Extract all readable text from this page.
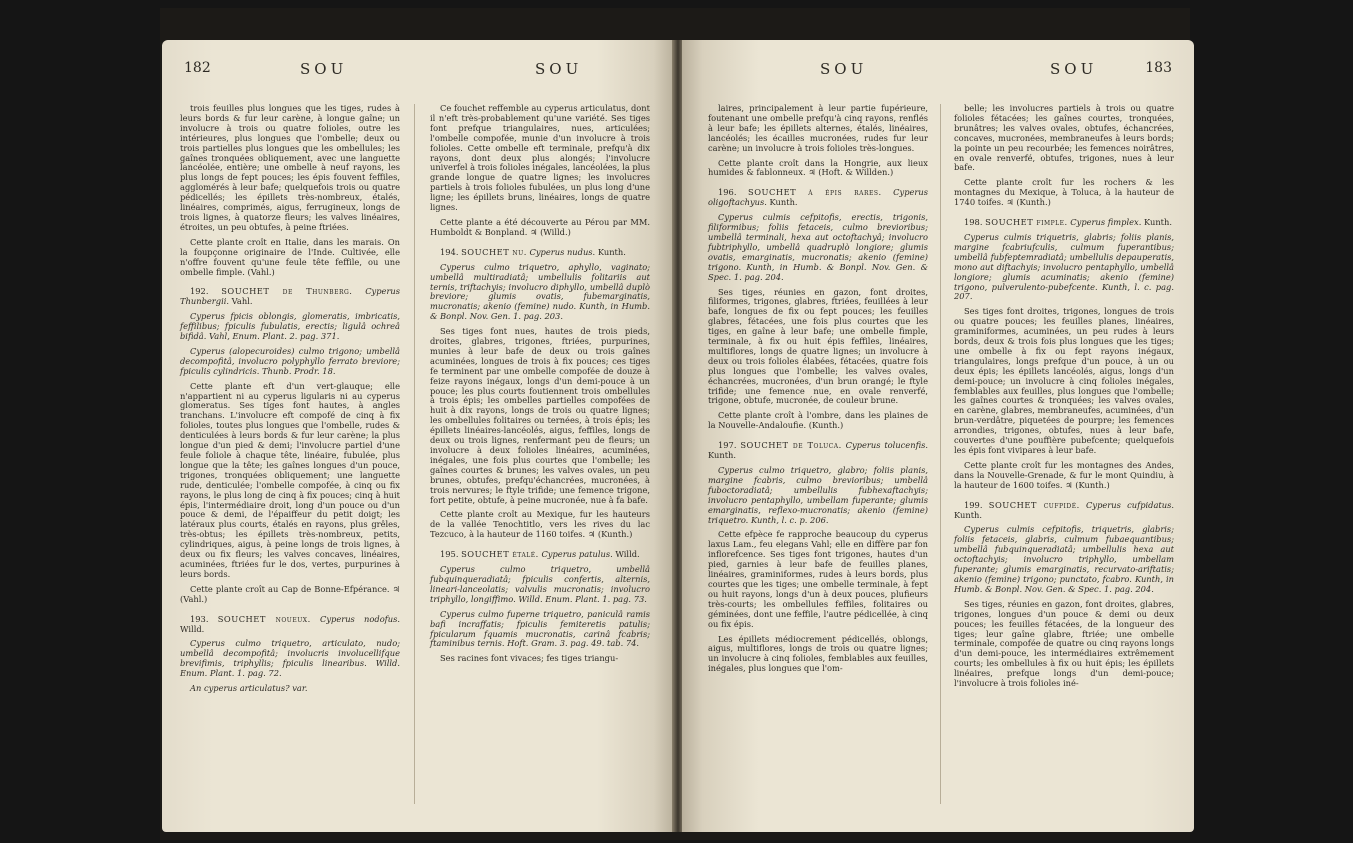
182	SOU	SOU

trois feuilles plus longues que les tiges, rudes à leurs bords & fur leur carène, à longue gaîne; un involucre à trois ou quatre folioles, outre les intérieures, plus longues que l'ombelle; deux ou trois partielles plus longues que les ombellules; les gaînes tronquées obliquement, avec une languette lancéolée, entière; une ombelle à neuf rayons, les plus longs de fept pouces; les épis fouvent feffiles, agglomérés à leur bafe; quelquefois trois ou quatre pédicellés; les épillets très-nombreux, étalés, linéaires, comprimés, aigus, ferrugineux, longs de trois lignes, à quatorze fleurs; les valves linéaires, étroites, un peu obtufes, à peine ftriées.

Cette plante croît en Italie, dans les marais. On la foupçonne originaire de l'Inde. Cultivée, elle n'offre fouvent qu'une feule tête feffile, ou une ombelle fimple. (Vahl.)

192. SOUCHET de Thunberg. Cyperus Thunbergii. Vahl.

Cyperus fpicis oblongis, glomeratis, imbricatis, feffilibus; fpiculis fubulatis, erectis; ligulâ ochreâ bifidâ. Vahl, Enum. Plant. 2. pag. 371.

Cyperus (alopecuroides) culmo trigono; umbellâ decompofitâ, involucro polyphyllo ferrato breviore; fpiculis cylindricis. Thunb. Prodr. 18.

Cette plante eft d'un vert-glauque; elle n'appartient ni au cyperus ligularis ni au cyperus glomeratus. Ses tiges font hautes, à angles tranchans. L'involucre eft compofé de cinq à fix folioles, toutes plus longues que l'ombelle, rudes & denticulées à leurs bords & fur leur carène; la plus longue d'un pied & demi; l'involucre partiel d'une feule foliole à chaque tête, linéaire, fubulée, plus longue que la tête; les gaînes longues d'un pouce, trigones, tronquées obliquement; une languette rude, denticulée; l'ombelle compofée, à cinq ou fix rayons, le plus long de cinq à fix pouces; cinq à huit épis, l'intermédiaire droit, long d'un pouce ou d'un pouce & demi, de l'épaiffeur du petit doigt; les latéraux plus courts, étalés en rayons, plus grêles, très-obtus; les épillets très-nombreux, petits, cylindriques, aigus, à peine longs de trois lignes, à deux ou fix fleurs; les valves concaves, linéaires, acuminées, ftriées fur le dos, vertes, purpurines à leurs bords.

Cette plante croît au Cap de Bonne-Efpérance. ♃ (Vahl.)

193. SOUCHET noueux. Cyperus nodofus. Willd.

Cyperus culmo triquetro, articulato, nudo; umbellâ decompofitâ; involucris involucellifque brevifimis, triphyllis; fpiculis linearibus. Willd. Enum. Plant. 1. pag. 72.

An cyperus articulatus? var.

Ce fouchet reffemble au cyperus articulatus, dont il n'eft très-probablement qu'une variété. Ses tiges font prefque triangulaires, nues, articulées; l'ombelle compofée, munie d'un involucre à trois folioles. Cette ombelle eft terminale, prefqu'à dix rayons, dont deux plus alongés; l'involucre univerfel à trois folioles inégales, lancéolées, la plus grande longue de quatre lignes; les involucres partiels à trois folioles fubulées, un plus long d'une ligne; les épillets bruns, linéaires, longs de quatre lignes.

Cette plante a été découverte au Pérou par MM. Humboldt & Bonpland. ♃ (Willd.)

194. SOUCHET nu. Cyperus nudus. Kunth.

Cyperus culmo triquetro, aphyllo, vaginato; umbellâ multiradiatâ; umbellulis folitariis aut ternis, triftachyis; involucro diphyllo, umbellâ duplò breviore; glumis ovatis, fubemarginatis, mucronatis; akenio (femine) nudo. Kunth, in Humb. & Bonpl. Nov. Gen. 1. pag. 203.

Ses tiges font nues, hautes de trois pieds, droites, glabres, trigones, ftriées, purpurines, munies à leur bafe de deux ou trois gaînes acuminées, longues de trois à fix pouces; ces tiges fe terminent par une ombelle compofée de douze à feize rayons inégaux, longs d'un demi-pouce à un pouce; les plus courts foutiennent trois ombellules à trois épis; les ombelles partielles compofées de huit à dix rayons, longs de trois ou quatre lignes; les ombellules folitaires ou ternées, à trois épis; les épillets linéaires-lancéolés, aigus, feffiles, longs de deux ou trois lignes, renfermant peu de fleurs; un involucre à deux folioles linéaires, acuminées, inégales, une fois plus courtes que l'ombelle; les gaînes courtes & brunes; les valves ovales, un peu brunes, obtufes, prefqu'échancrées, mucronées, à trois nervures; le ftyle trifide; une femence trigone, fort petite, obtufe, à peine mucronée, nue à fa bafe.

Cette plante croît au Mexique, fur les hauteurs de la vallée Tenochtitlo, vers les rives du lac Tezcuco, à la hauteur de 1160 toifes. ♃ (Kunth.)

195. SOUCHET étalé. Cyperus patulus. Willd.

Cyperus culmo triquetro, umbellâ fubquinqueradiatâ; fpiculis confertis, alternis, lineari-lanceolatis; valvulis mucronatis; involucro triphyllo, longiffimo. Willd. Enum. Plant. 1. pag. 73.

Cyperus culmo fuperne triquetro, paniculâ ramis bafi incraffatis; fpiculis femiteretis patulis; fpicularum fquamis mucronatis, carinâ fcabris; ftaminibus ternis. Hoft. Gram. 3. pag. 49. tab. 74.

Ses racines font vivaces; fes tiges triangu-

SOU	SOU	183

laires, principalement à leur partie fupérieure, foutenant une ombelle prefqu'à cinq rayons, renflés à leur bafe; les épillets alternes, étalés, linéaires, lancéolés; les écailles mucronées, rudes fur leur carène; un involucre à trois folioles très-longues.

Cette plante croît dans la Hongrie, aux lieux humides & fablonneux. ♃ (Hoft. & Willden.)

196. SOUCHET à épis rares. Cyperus oligoftachyus. Kunth.

Cyperus culmis cefpitofis, erectis, trigonis, filiformibus; foliis fetaceis, culmo brevioribus; umbellâ terminali, hexa aut octoftachyâ; involucro fubtriphyllo, umbellâ quadruplò longiore; glumis ovatis, emarginatis, mucronatis; akenio (femine) trigono. Kunth, in Humb. & Bonpl. Nov. Gen. & Spec. 1. pag. 204.

Ses tiges, réunies en gazon, font droites, filiformes, trigones, glabres, ftriées, feuillées à leur bafe, longues de fix ou fept pouces; les feuilles glabres, fétacées, une fois plus courtes que les tiges, en gaîne à leur bafe; une ombelle fimple, terminale, à fix ou huit épis feffiles, linéaires, multiflores, longs de quatre lignes; un involucre à deux ou trois folioles élabées, fétacées, quatre fois plus longues que l'ombelle; les valves ovales, échancrées, mucronées, d'un brun orangé; le ftyle trifide; une femence nue, en ovale renverfé, trigone, obtufe, mucronée, de couleur brune.

Cette plante croît à l'ombre, dans les plaines de la Nouvelle-Andaloufie. (Kunth.)

197. SOUCHET de Toluca. Cyperus tolucenfis. Kunth.

Cyperus culmo triquetro, glabro; foliis planis, margine fcabris, culmo brevioribus; umbellâ fuboctoradiatâ; umbellulis fubhexaftachyis; involucro pentaphyllo, umbellam fuperante; glumis emarginatis, reflexo-mucronatis; akenio (femine) triquetro. Kunth, l. c. p. 206.

Cette efpèce fe rapproche beaucoup du cyperus laxus Lam., feu elegans Vahl; elle en diffère par fon inflorefcence. Ses tiges font trigones, hautes d'un pied, garnies à leur bafe de feuilles planes, linéaires, graminiformes, rudes à leurs bords, plus courtes que les tiges; une ombelle terminale, à fept ou huit rayons, longs d'un à deux pouces, plufieurs très-courts; les ombellules feffiles, folitaires ou géminées, dont une feffile, l'autre pédicellée, à cinq ou fix épis.

Les épillets médiocrement pédicellés, oblongs, aigus, multiflores, longs de trois ou quatre lignes; un involucre à cinq folioles, femblables aux feuilles, inégales, plus longues que l'om-

belle; les involucres partiels à trois ou quatre folioles fétacées; les gaînes courtes, tronquées, brunâtres; les valves ovales, obtufes, échancrées, concaves, mucronées, membraneufes à leurs bords; la pointe un peu recourbée; les femences noirâtres, en ovale renverfé, obtufes, trigones, nues à leur bafe.

Cette plante croît fur les rochers & les montagnes du Mexique, à Toluca, à la hauteur de 1740 toifes. ♃ (Kunth.)

198. SOUCHET fimple. Cyperus fimplex. Kunth.

Cyperus culmis triquetris, glabris; foliis planis, margine fcabriufculis, culmum fuperantibus; umbellâ fubfeptemradiatâ; umbellulis depauperatis, mono aut diftachyis; involucro pentaphyllo, umbellâ longiore; glumis acuminatis; akenio (femine) trigono, pulverulento-pubefcente. Kunth, l. c. pag. 207.

Ses tiges font droites, trigones, longues de trois ou quatre pouces; les feuilles planes, linéaires, graminiformes, acuminées, un peu rudes à leurs bords, deux & trois fois plus longues que les tiges; une ombelle à fix ou fept rayons inégaux, triangulaires, longs prefque d'un pouce, à un ou deux épis; les épillets lancéolés, aigus, longs d'un demi-pouce; un involucre à cinq folioles inégales, femblables aux feuilles, plus longues que l'ombelle; les gaînes courtes & tronquées; les valves ovales, en carène, glabres, membraneufes, acuminées, d'un brun-verdâtre, piquetées de pourpre; les femences arrondies, trigones, obtufes, nues à leur bafe, couvertes d'une pouffière pubefcente; quelquefois les épis font vivipares à leur bafe.

Cette plante croît fur les montagnes des Andes, dans la Nouvelle-Grenade, & fur le mont Quindiu, à la hauteur de 1600 toifes. ♃ (Kunth.)

199. SOUCHET cufpidé. Cyperus cufpidatus. Kunth.

Cyperus culmis cefpitofis, triquetris, glabris; foliis fetaceis, glabris, culmum fubaequantibus; umbellâ fubquinqueradiatâ; umbellulis hexa aut octoftachyis; involucro triphyllo, umbellam fuperante; glumis emarginatis, recurvato-ariftatis; akenio (femine) trigono; punctato, fcabro. Kunth, in Humb. & Bonpl. Nov. Gen. & Spec. 1. pag. 204.

Ses tiges, réunies en gazon, font droites, glabres, trigones, longues d'un pouce & demi ou deux pouces; les feuilles fétacées, de la longueur des tiges; leur gaîne glabre, ftriée; une ombelle terminale, compofée de quatre ou cinq rayons longs d'un demi-pouce, les intermédiaires extrêmement courts; les ombellules à fix ou huit épis; les épillets linéaires, prefque longs d'un demi-pouce; l'involucre à trois folioles iné-
